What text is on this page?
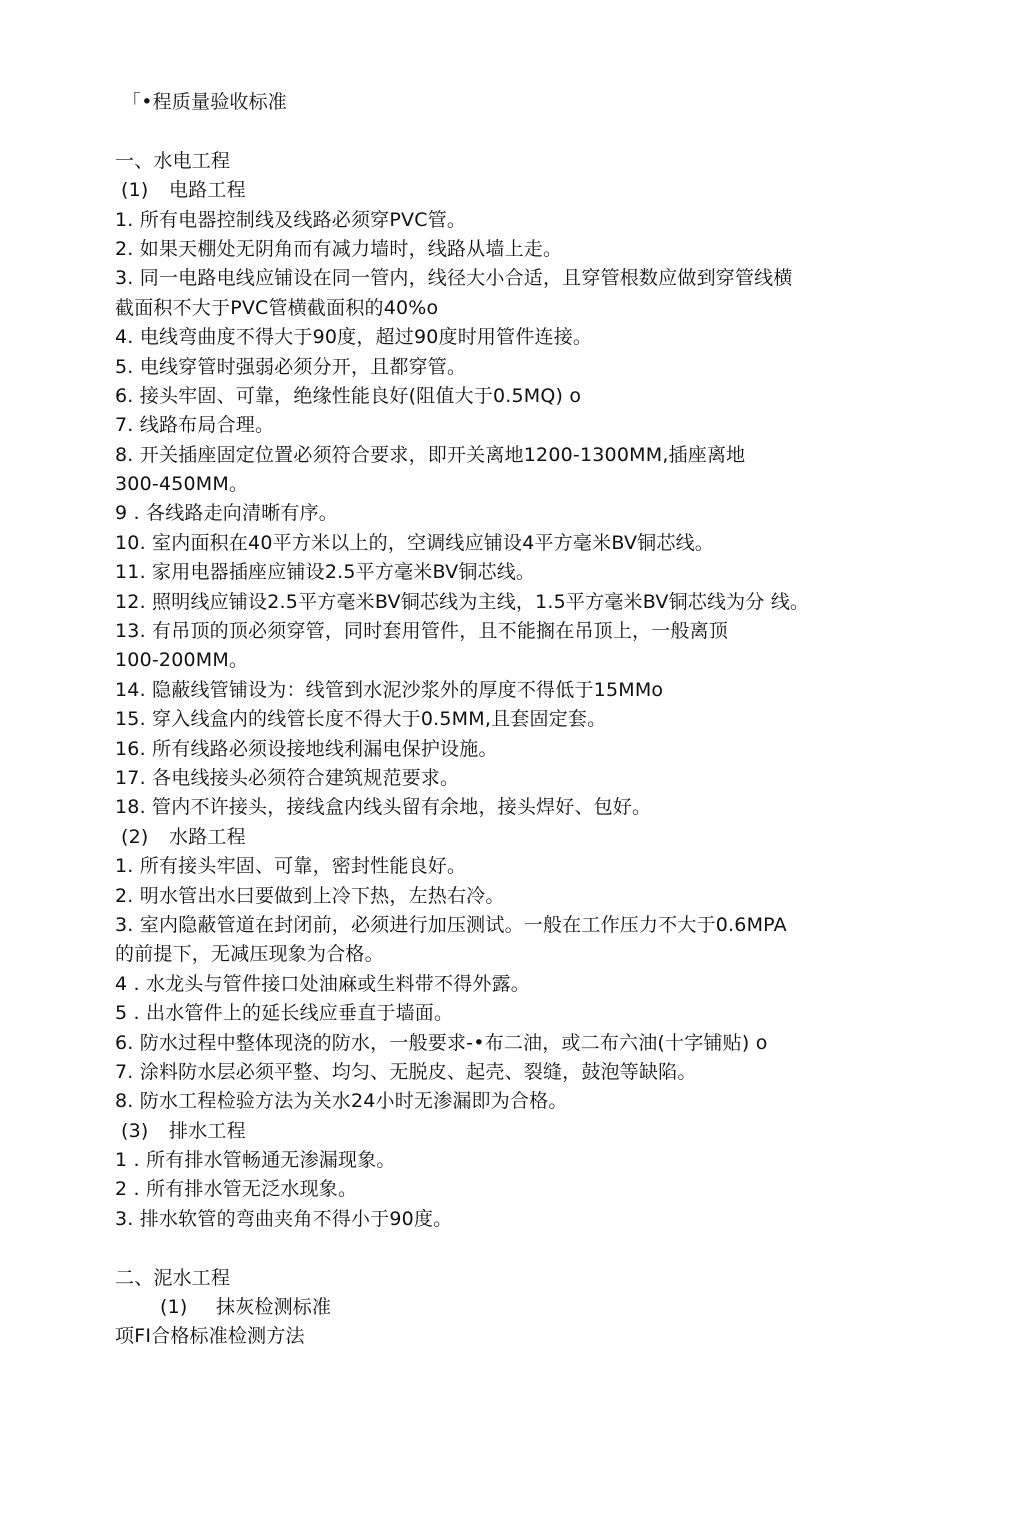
「•程质量验收标准
一、水电工程
(1) 电路工程
1. 所有电器控制线及线路必须穿PVC管。
2. 如果天棚处无阴角而有减力墙时，线路从墙上走。
3. 同一电路电线应铺设在同一管内，线径大小合适，且穿管根数应做到穿管线横
截面积不大于PVC管横截面积的40%o
4. 电线弯曲度不得大于90度，超过90度时用管件连接。
5. 电线穿管时强弱必须分开，且都穿管。
6. 接头牢固、可靠，绝缘性能良好(阻值大于0.5MQ) o
7. 线路布局合理。
8. 开关插座固定位置必须符合要求，即开关离地1200-1300MM,插座离地
300-450MM。
9 . 各线路走向清晰有序。
10. 室内面积在40平方米以上的，空调线应铺设4平方毫米BV铜芯线。
11. 家用电器插座应铺设2.5平方毫米BV铜芯线。
12. 照明线应铺设2.5平方毫米BV铜芯线为主线，1.5平方毫米BV铜芯线为分 线。
13. 有吊顶的顶必须穿管，同时套用管件，且不能搁在吊顶上，一般离顶
100-200MM。
14. 隐蔽线管铺设为：线管到水泥沙浆外的厚度不得低于15MMo
15. 穿入线盒内的线管长度不得大于0.5MM,且套固定套。
16. 所有线路必须设接地线利漏电保护设施。
17. 各电线接头必须符合建筑规范要求。
18. 管内不许接头，接线盒内线头留有余地，接头焊好、包好。
(2) 水路工程
1. 所有接头牢固、可靠，密封性能良好。
2. 明水管出水曰要做到上冷下热，左热右冷。
3. 室内隐蔽管道在封闭前，必须进行加压测试。一般在工作压力不大于0.6MPA
的前提下，无减压现象为合格。
4 . 水龙头与管件接口处油麻或生料带不得外露。
5 . 出水管件上的延长线应垂直于墙面。
6. 防水过程中整体现浇的防水，一般要求-•布二油，或二布六油(十字铺贴) o
7. 涂料防水层必须平整、均匀、无脱皮、起壳、裂缝，鼓泡等缺陷。
8. 防水工程检验方法为关水24小时无渗漏即为合格。
(3) 排水工程
1 . 所有排水管畅通无渗漏现象。
2 . 所有排水管无泛水现象。
3. 排水软管的弯曲夹角不得小于90度。
二、泥水工程
(1) 抹灰检测标准
项FI合格标准检测方法
